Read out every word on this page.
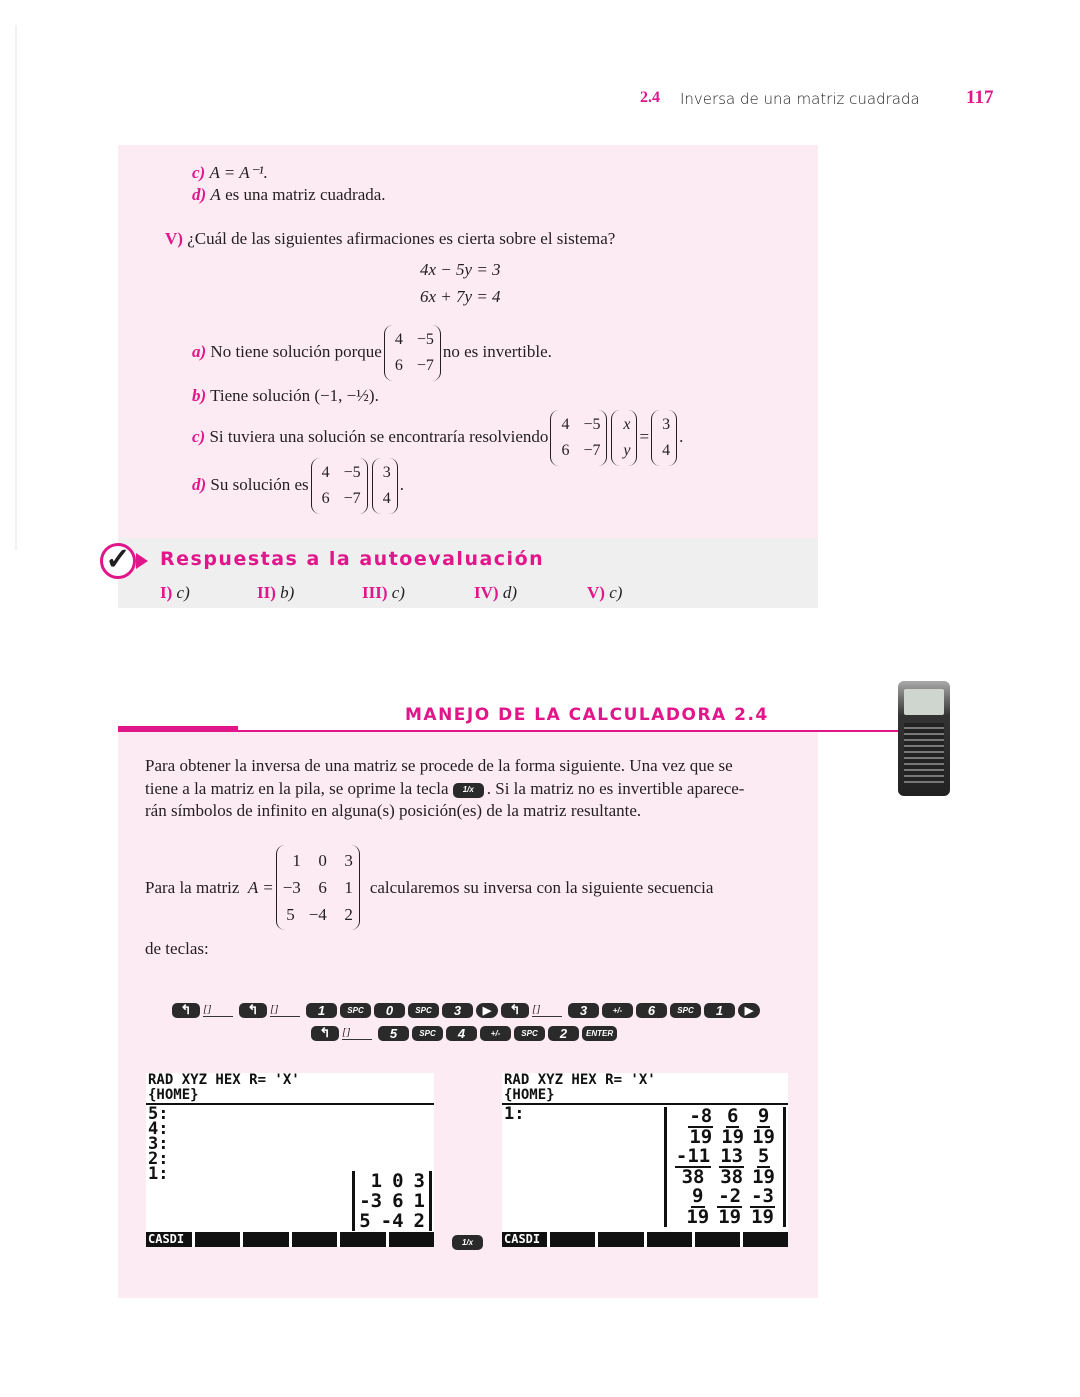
2.4 Inversa de una matriz cuadrada 117
c) A = A⁻¹.
d) A es una matriz cuadrada.
V) ¿Cuál de las siguientes afirmaciones es cierta sobre el sistema?
4x − 5y = 3
6x + 7y = 4
a) No tiene solución porque
4 −5
6 −7
no es invertible.
b) Tiene solución (−1, −½).
c) Si tuviera una solución se encontraría resolviendo
4 −5
6 −7
x
y
=
3
4
.
d) Su solución es
4 −5
6 −7
3
4
.
✓ Respuestas a la autoevaluación
I) c)	II) b)	III) c)	IV) d)	V) c)
MANEJO DE LA CALCULADORA 2.4
Para obtener la inversa de una matriz se procede de la forma siguiente. Una vez que se
tiene a la matriz en la pila, se oprime la tecla 1/x . Si la matriz no es invertible aparece-
rán símbolos de infinito en alguna(s) posición(es) de la matriz resultante.
Para la matriz
A =
1 0 3
−3 6 1
5 −4 2
calcularemos su inversa con la siguiente secuencia
de teclas:
↰ []	↰ []	1	SPC 0	SPC 3 ▶ ↰ []	3	+/- 6	SPC 1 ▶
↰ []	5	SPC 4	+/-	SPC 2 ENTER
RAD XYZ HEX R= 'X'
{HOME}
5:
4:
3:
2:
1:	1 0 3
-3 6 1
5 -4 2
CASDI	1/x
RAD XYZ HEX R= 'X'
{HOME}
1:	$\frac{-8}{19} \frac{6}{19} \frac{9}{19}$
$\frac{-11}{38} \frac{13}{38} \frac{5}{19}$
$\frac{9}{19} \frac{-2}{19} \frac{-3}{19}$
CASDI
